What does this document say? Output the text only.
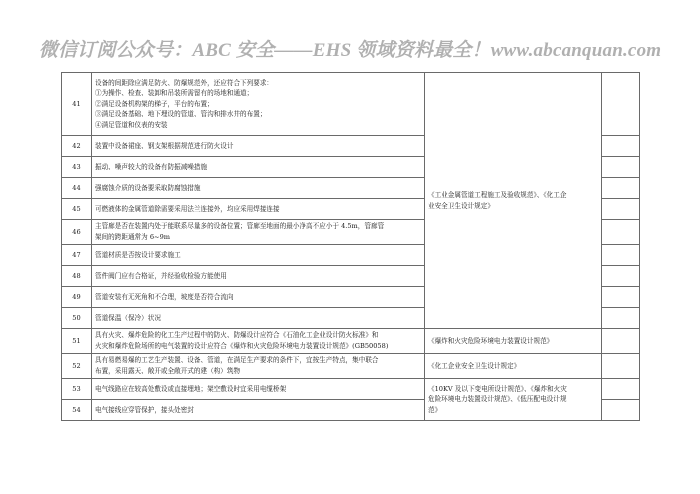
微信订阅公众号：ABC 安全——EHS 领域资料最全！www.abcanquan.com
41	设备的间距除应满足防火、防爆规范外，还应符合下列要求：
①为操作、检查、装卸和吊装所需留有的场地和通道；
②满足设备机构架的梯子，平台的布置；
③满足设备基础、地下埋设的管道、管沟和排水井的布置；
④满足管道和仪表的安装	《工业金属管道工程施工及验收规范》、《化工企
业安全卫生设计规定》	

42	装置中设备裙座、钢支架根据规范进行防火设计		
43	振动、噪声较大的设备有防振减噪措施		
44	强腐蚀介质的设备要采取防腐蚀措施		
45	可燃液体的金属管道除需要采用法兰连接外，均应采用焊接连接		
46	主管廊是否在装置内处于能联系尽量多的设备位置；管廊至地面的最小净高不应小于 4.5m，管廊管
架间的跨距通常为 6~9m		

47	管道材质是否按设计要求施工		
48	管件阀门应有合格证，并经验收检验方能使用		
49	管道安装有无死角和不合理，坡度是否符合流向		
50	管道保温（保冷）状况		
51	具有火灾、爆炸危险的化工生产过程中的防火、防爆设计应符合《石油化工企业设计防火标准》和
火灾和爆炸危险场所的电气装置的设计应符合《爆炸和火灾危险环境电力装置设计规范》(GB50058)	《爆炸和火灾危险环境电力装置设计规范》	
52	具有易燃易爆的工艺生产装置、设备、管道，在满足生产要求的条件下，宜按生产特点，集中联合
布置，采用露天、敞开或全敞开式的建（构）筑物	《化工企业安全卫生设计规定》	
53	电气线路应在较高处敷设或直接埋地；架空敷设时宜采用电缆桥架	《10KV 及以下变电所设计规范》、《爆炸和火灾
危险环境电力装置设计规范》、《低压配电设计规
范》	

54	电气接线应穿管保护，接头处密封		
